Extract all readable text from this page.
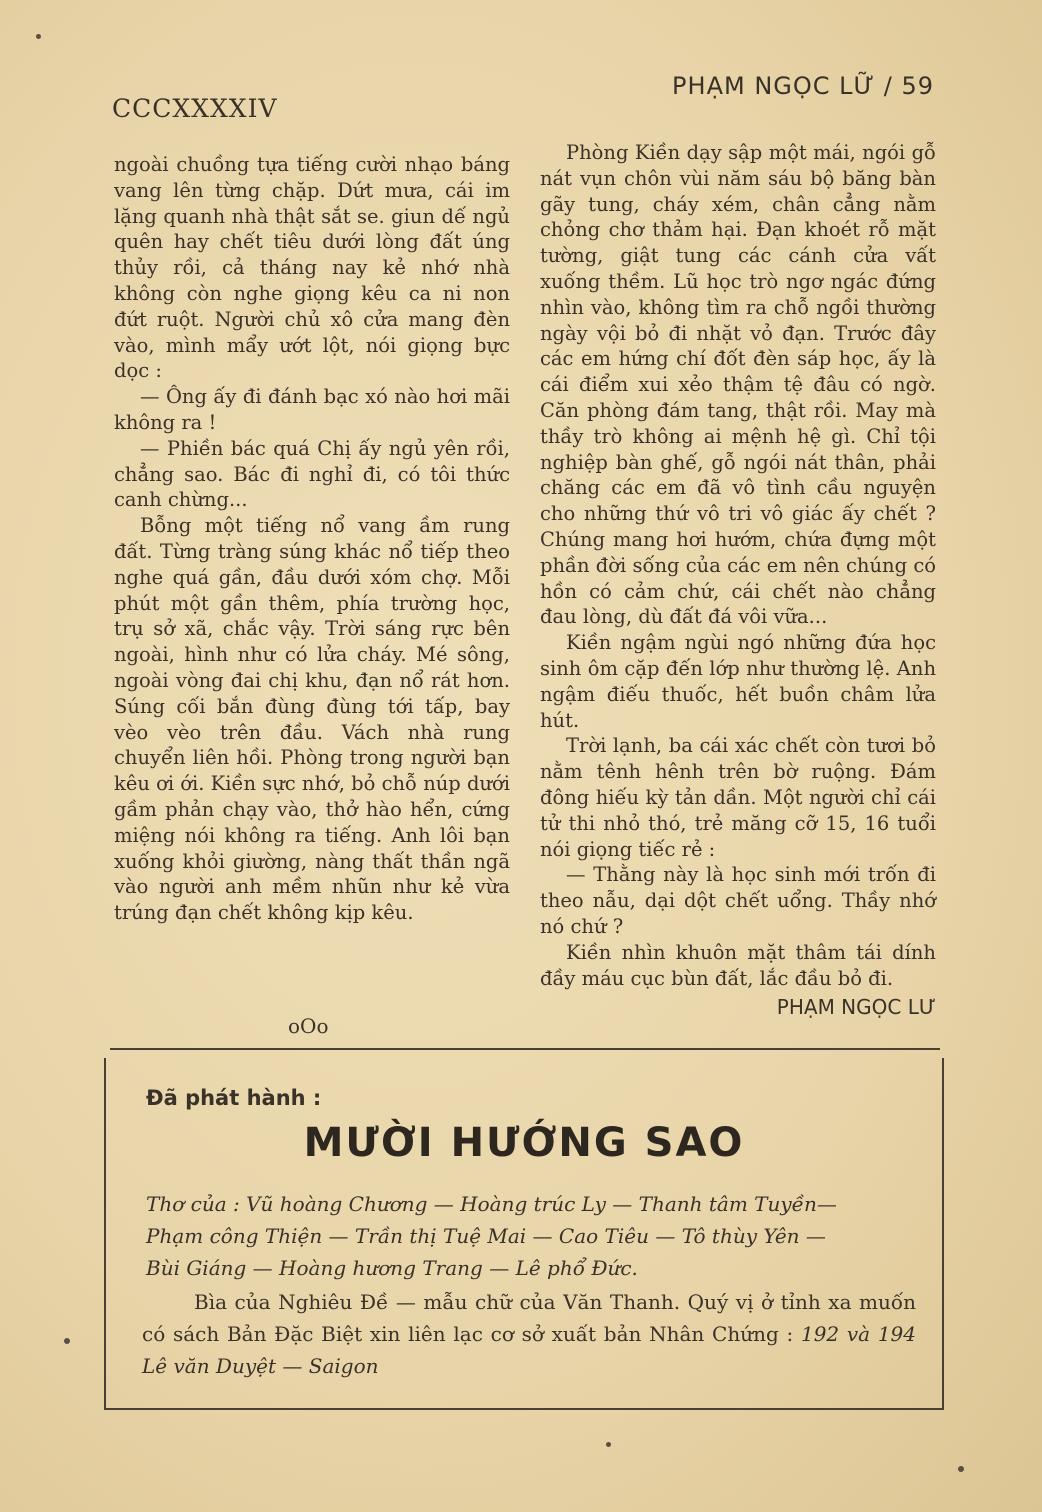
CCCXXXXIV
PHẠM NGỌC LỮ / 59

ngoài chuồng tựa tiếng cười nhạo báng vang lên từng chặp. Dứt mưa, cái im lặng quanh nhà thật sắt se. giun dế ngủ quên hay chết tiêu dưới lòng đất úng thủy rồi, cả tháng nay kẻ nhớ nhà không còn nghe giọng kêu ca ni non đứt ruột. Người chủ xô cửa mang đèn vào, mình mẩy ướt lột, nói giọng bực dọc :

— Ông ấy đi đánh bạc xó nào hơi mãi không ra !

— Phiền bác quá Chị ấy ngủ yên rồi, chẳng sao. Bác đi nghỉ đi, có tôi thức canh chừng...

Bỗng một tiếng nổ vang ầm rung đất. Từng tràng súng khác nổ tiếp theo nghe quá gần, đầu dưới xóm chợ. Mỗi phút một gần thêm, phía trường học, trụ sở xã, chắc vậy. Trời sáng rực bên ngoài, hình như có lửa cháy. Mé sông, ngoài vòng đai chị khu, đạn nổ rát hơn. Súng cối bắn đùng đùng tới tấp, bay vèo vèo trên đầu. Vách nhà rung chuyển liên hồi. Phòng trong người bạn kêu ơi ới. Kiền sực nhớ, bỏ chỗ núp dưới gầm phản chạy vào, thở hào hển, cứng miệng nói không ra tiếng. Anh lôi bạn xuống khỏi giường, nàng thất thần ngã vào người anh mềm nhũn như kẻ vừa trúng đạn chết không kịp kêu.

Phòng Kiền dạy sập một mái, ngói gỗ nát vụn chôn vùi năm sáu bộ băng bàn gãy tung, cháy xém, chân cẳng nằm chỏng chơ thảm hại. Đạn khoét rỗ mặt tường, giật tung các cánh cửa vất xuống thềm. Lũ học trò ngơ ngác đứng nhìn vào, không tìm ra chỗ ngồi thường ngày vội bỏ đi nhặt vỏ đạn. Trước đây các em hứng chí đốt đèn sáp học, ấy là cái điểm xui xẻo thậm tệ đâu có ngờ. Căn phòng đám tang, thật rồi. May mà thầy trò không ai mệnh hệ gì. Chỉ tội nghiệp bàn ghế, gỗ ngói nát thân, phải chăng các em đã vô tình cầu nguyện cho những thứ vô tri vô giác ấy chết ? Chúng mang hơi hướm, chứa đựng một phần đời sống của các em nên chúng có hồn có cảm chứ, cái chết nào chẳng đau lòng, dù đất đá vôi vữa...

Kiền ngậm ngùi ngó những đứa học sinh ôm cặp đến lớp như thường lệ. Anh ngậm điếu thuốc, hết buồn châm lửa hút.

Trời lạnh, ba cái xác chết còn tươi bỏ nằm tênh hênh trên bờ ruộng. Đám đông hiếu kỳ tản dần. Một người chỉ cái tử thi nhỏ thó, trẻ măng cỡ 15, 16 tuổi nói giọng tiếc rẻ :

— Thằng này là học sinh mới trốn đi theo nẫu, dại dột chết uổng. Thầy nhớ nó chứ ?

Kiền nhìn khuôn mặt thâm tái dính đầy máu cục bùn đất, lắc đầu bỏ đi.

PHẠM NGỌC LƯ

oOo
Đã phát hành :
MƯỜI HƯỚNG SAO
Thơ của : Vũ hoàng Chương — Hoàng trúc Ly — Thanh tâm Tuyền— Phạm công Thiện — Trần thị Tuệ Mai — Cao Tiêu — Tô thùy Yên — Bùi Giáng — Hoàng hương Trang — Lê phổ Đức.
Bìa của Nghiêu Đề — mẫu chữ của Văn Thanh. Quý vị ở tỉnh xa muốn có sách Bản Đặc Biệt xin liên lạc cơ sở xuất bản Nhân Chứng : 192 và 194 Lê văn Duyệt — Saigon
